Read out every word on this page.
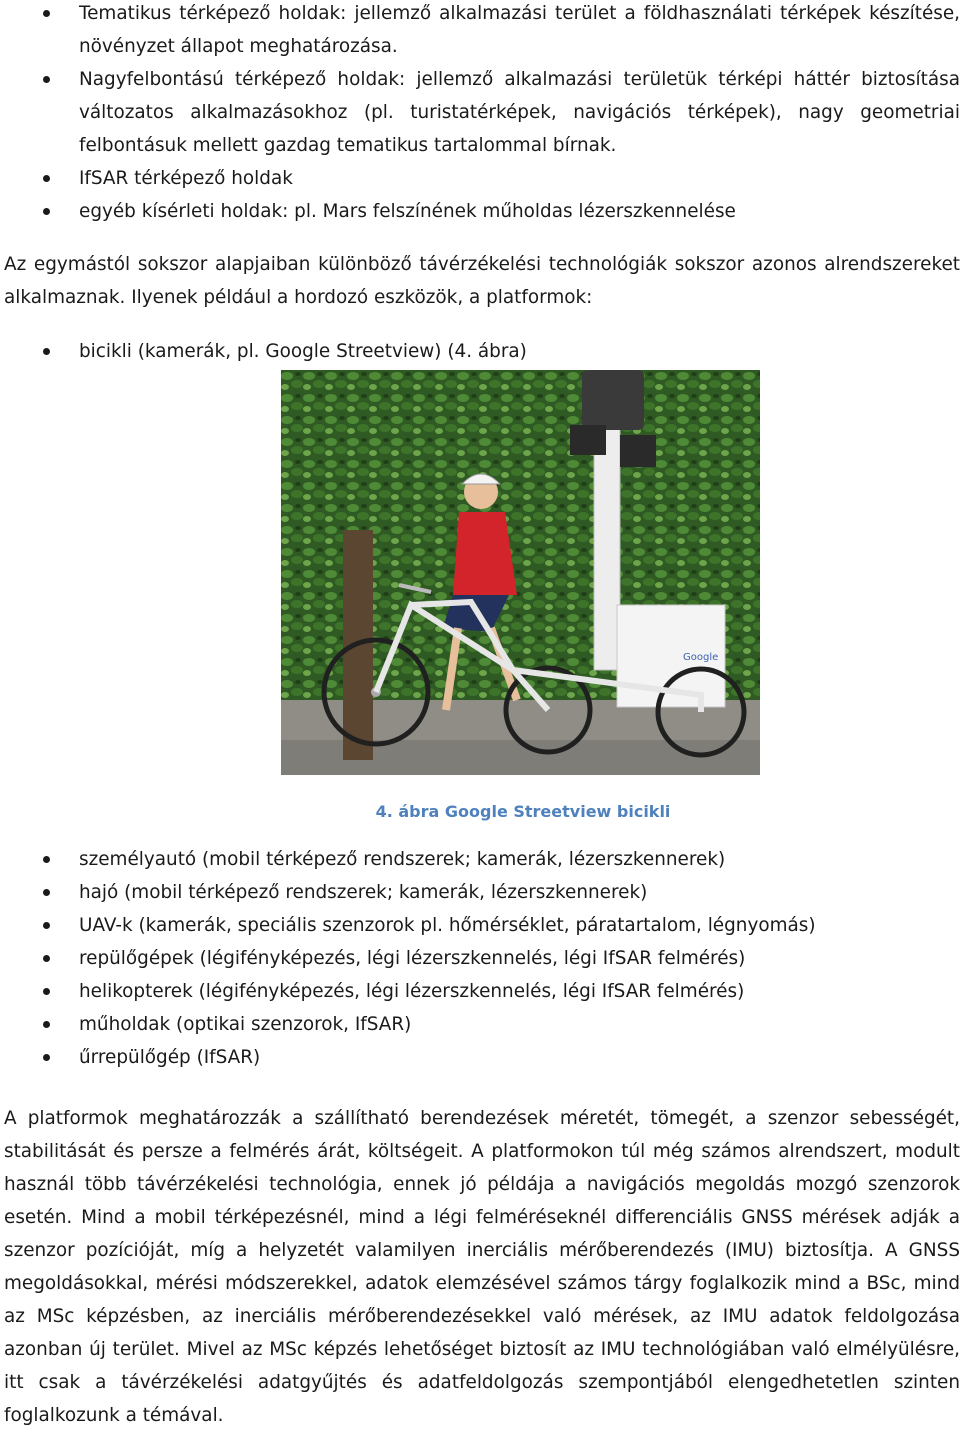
Tematikus térképező holdak: jellemző alkalmazási terület a földhasználati térképek készítése, növényzet állapot meghatározása.
Nagyfelbontású térképező holdak: jellemző alkalmazási területük térképi háttér biztosítása változatos alkalmazásokhoz (pl. turistatérképek, navigációs térképek), nagy geometriai felbontásuk mellett gazdag tematikus tartalommal bírnak.
IfSAR térképező holdak
egyéb kísérleti holdak: pl. Mars felszínének műholdas lézerszkennelése

Az egymástól sokszor alapjaiban különböző távérzékelési technológiák sokszor azonos alrendszereket alkalmaznak. Ilyenek például a hordozó eszközök, a platformok:

bicikli (kamerák, pl. Google Streetview) (4. ábra)
Google
4. ábra Google Streetview bicikli
személyautó (mobil térképező rendszerek; kamerák, lézerszkennerek)
hajó (mobil térképező rendszerek; kamerák, lézerszkennerek)
UAV-k (kamerák, speciális szenzorok pl. hőmérséklet, páratartalom, légnyomás)
repülőgépek (légifényképezés, légi lézerszkennelés, légi IfSAR felmérés)
helikopterek (légifényképezés, légi lézerszkennelés, légi IfSAR felmérés)
műholdak (optikai szenzorok, IfSAR)
űrrepülőgép (IfSAR)

A platformok meghatározzák a szállítható berendezések méretét, tömegét, a szenzor sebességét, stabilitását és persze a felmérés árát, költségeit. A platformokon túl még számos alrendszert, modult használ több távérzékelési technológia, ennek jó példája a navigációs megoldás mozgó szenzorok esetén. Mind a mobil térképezésnél, mind a légi felméréseknél differenciális GNSS mérések adják a szenzor pozícióját, míg a helyzetét valamilyen inerciális mérőberendezés (IMU) biztosítja. A GNSS megoldásokkal, mérési módszerekkel, adatok elemzésével számos tárgy foglalkozik mind a BSc, mind az MSc képzésben, az inerciális mérőberendezésekkel való mérések, az IMU adatok feldolgozása azonban új terület. Mivel az MSc képzés lehetőséget biztosít az IMU technológiában való elmélyülésre, itt csak a távérzékelési adatgyűjtés és adatfeldolgozás szempontjából elengedhetetlen szinten foglalkozunk a témával.
